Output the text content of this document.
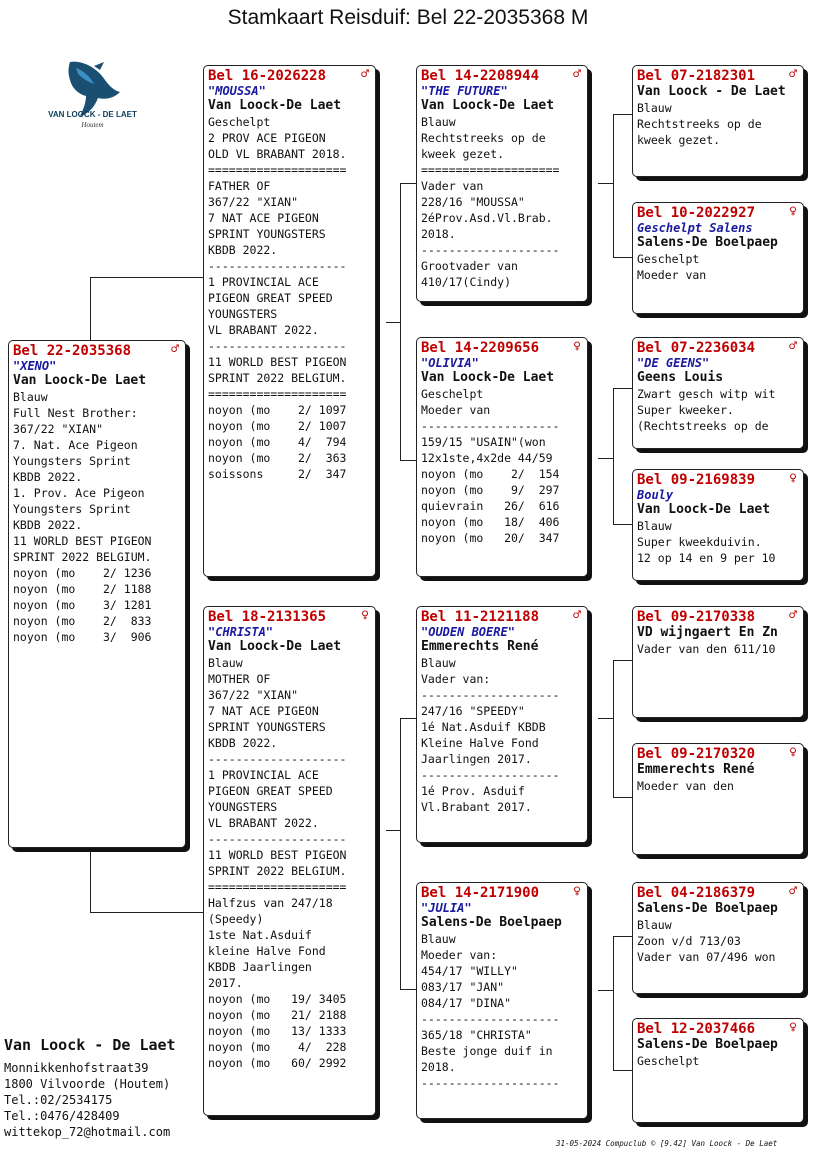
Stamkaart Reisduif: Bel 22-2035368 M
VAN LOOCK - DE LAET
Houtem
Bel 22-2035368	♂
"XENO"
Van Loock-De Laet
Blauw
Full Nest Brother:
367/22 "XIAN"
7. Nat. Ace Pigeon
Youngsters Sprint
KBDB 2022.
1. Prov. Ace Pigeon
Youngsters Sprint
KBDB 2022.
11 WORLD BEST PIGEON
SPRINT 2022 BELGIUM.
noyon (mo    2/ 1236
noyon (mo    2/ 1188
noyon (mo    3/ 1281
noyon (mo    2/  833
noyon (mo    3/  906
Bel 16-2026228	♂
"MOUSSA"
Van Loock-De Laet
Geschelpt
2 PROV ACE PIGEON
OLD VL BRABANT 2018.
====================
FATHER OF
367/22 "XIAN"
7 NAT ACE PIGEON
SPRINT YOUNGSTERS
KBDB 2022.
--------------------
1 PROVINCIAL ACE
PIGEON GREAT SPEED
YOUNGSTERS
VL BRABANT 2022.
--------------------
11 WORLD BEST PIGEON
SPRINT 2022 BELGIUM.
====================
noyon (mo    2/ 1097
noyon (mo    2/ 1007
noyon (mo    4/  794
noyon (mo    2/  363
soissons     2/  347
Bel 18-2131365	♀
"CHRISTA"
Van Loock-De Laet
Blauw
MOTHER OF
367/22 "XIAN"
7 NAT ACE PIGEON
SPRINT YOUNGSTERS
KBDB 2022.
--------------------
1 PROVINCIAL ACE
PIGEON GREAT SPEED
YOUNGSTERS
VL BRABANT 2022.
--------------------
11 WORLD BEST PIGEON
SPRINT 2022 BELGIUM.
====================
Halfzus van 247/18
(Speedy)
1ste Nat.Asduif
kleine Halve Fond
KBDB Jaarlingen
2017.
noyon (mo   19/ 3405
noyon (mo   21/ 2188
noyon (mo   13/ 1333
noyon (mo    4/  228
noyon (mo   60/ 2992
Bel 14-2208944	♂
"THE FUTURE"
Van Loock-De Laet
Blauw
Rechtstreeks op de
kweek gezet.
====================
Vader van
228/16 "MOUSSA"
2éProv.Asd.Vl.Brab.
2018.
--------------------
Grootvader van
410/17(Cindy)
Bel 14-2209656	♀
"OLIVIA"
Van Loock-De Laet
Geschelpt
Moeder van
--------------------
159/15 "USAIN"(won
12x1ste,4x2de 44/59
noyon (mo    2/  154
noyon (mo    9/  297
quievrain   26/  616
noyon (mo   18/  406
noyon (mo   20/  347
Bel 11-2121188	♂
"OUDEN BOERE"
Emmerechts René
Blauw
Vader van:
--------------------
247/16 "SPEEDY"
1é Nat.Asduif KBDB
Kleine Halve Fond
Jaarlingen 2017.
--------------------
1é Prov. Asduif
Vl.Brabant 2017.
Bel 14-2171900	♀
"JULIA"
Salens-De Boelpaep
Blauw
Moeder van:
454/17 "WILLY"
083/17 "JAN"
084/17 "DINA"
--------------------
365/18 "CHRISTA"
Beste jonge duif in
2018.
--------------------
Bel 07-2182301	♂
Van Loock - De Laet
Blauw
Rechtstreeks op de
kweek gezet.
Bel 10-2022927	♀
Geschelpt Salens
Salens-De Boelpaep
Geschelpt
Moeder van
Bel 07-2236034	♂
"DE GEENS"
Geens Louis
Zwart gesch witp wit
Super kweeker.
(Rechtstreeks op de
Bel 09-2169839	♀
Bouly
Van Loock-De Laet
Blauw
Super kweekduivin.
12 op 14 en 9 per 10
Bel 09-2170338	♂
VD wijngaert En Zn
Vader van den 611/10
Bel 09-2170320	♀
Emmerechts René
Moeder van den
Bel 04-2186379	♂
Salens-De Boelpaep
Blauw
Zoon v/d 713/03
Vader van 07/496 won
Bel 12-2037466	♀
Salens-De Boelpaep
Geschelpt
Van Loock - De Laet
Monnikkenhofstraat39
1800 Vilvoorde (Houtem)
Tel.:02/2534175
Tel.:0476/428409
wittekop_72@hotmail.com
31-05-2024 Compuclub © [9.42] Van Loock - De Laet
